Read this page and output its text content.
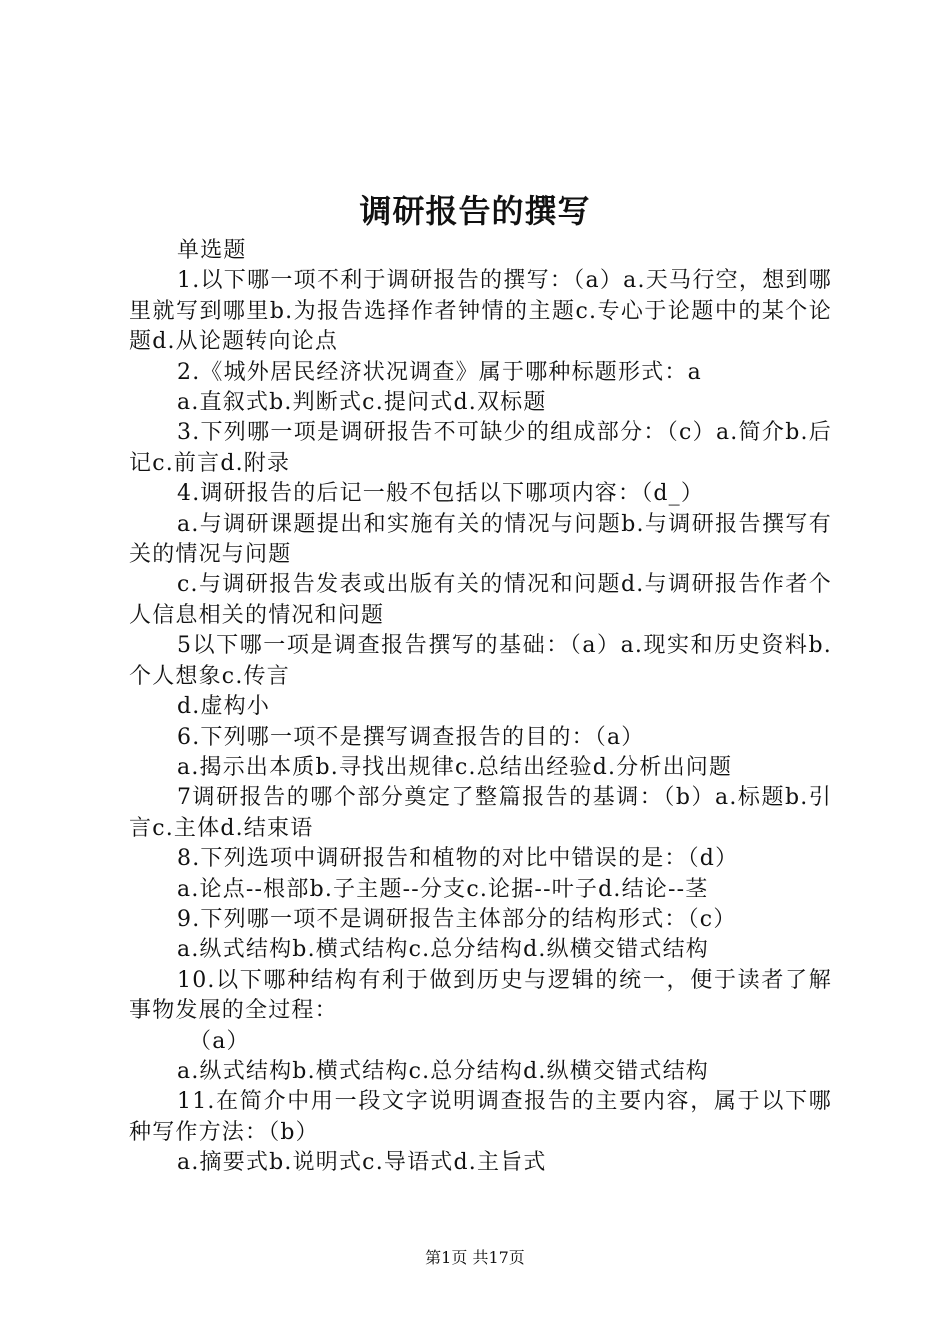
调研报告的撰写

单选题

1.以下哪一项不利于调研报告的撰写：（a）a.天马行空，想到哪里就写到哪里b.为报告选择作者钟情的主题c.专心于论题中的某个论题d.从论题转向论点

2.《城外居民经济状况调查》属于哪种标题形式：a

a.直叙式b.判断式c.提问式d.双标题

3.下列哪一项是调研报告不可缺少的组成部分：（c）a.简介b.后记c.前言d.附录

4.调研报告的后记一般不包括以下哪项内容：（d_）

a.与调研课题提出和实施有关的情况与问题b.与调研报告撰写有关的情况与问题

c.与调研报告发表或出版有关的情况和问题d.与调研报告作者个人信息相关的情况和问题

5以下哪一项是调查报告撰写的基础：（a）a.现实和历史资料b.个人想象c.传言

d.虚构小

6.下列哪一项不是撰写调查报告的目的：（a）

a.揭示出本质b.寻找出规律c.总结出经验d.分析出问题

7调研报告的哪个部分奠定了整篇报告的基调：（b）a.标题b.引言c.主体d.结束语

8.下列选项中调研报告和植物的对比中错误的是：（d）

a.论点--根部b.子主题--分支c.论据--叶子d.结论--茎

9.下列哪一项不是调研报告主体部分的结构形式：（c）

a.纵式结构b.横式结构c.总分结构d.纵横交错式结构

10.以下哪种结构有利于做到历史与逻辑的统一，便于读者了解事物发展的全过程：

（a）

a.纵式结构b.横式结构c.总分结构d.纵横交错式结构

11.在简介中用一段文字说明调查报告的主要内容，属于以下哪种写作方法：（b）

a.摘要式b.说明式c.导语式d.主旨式

第1页 共17页
